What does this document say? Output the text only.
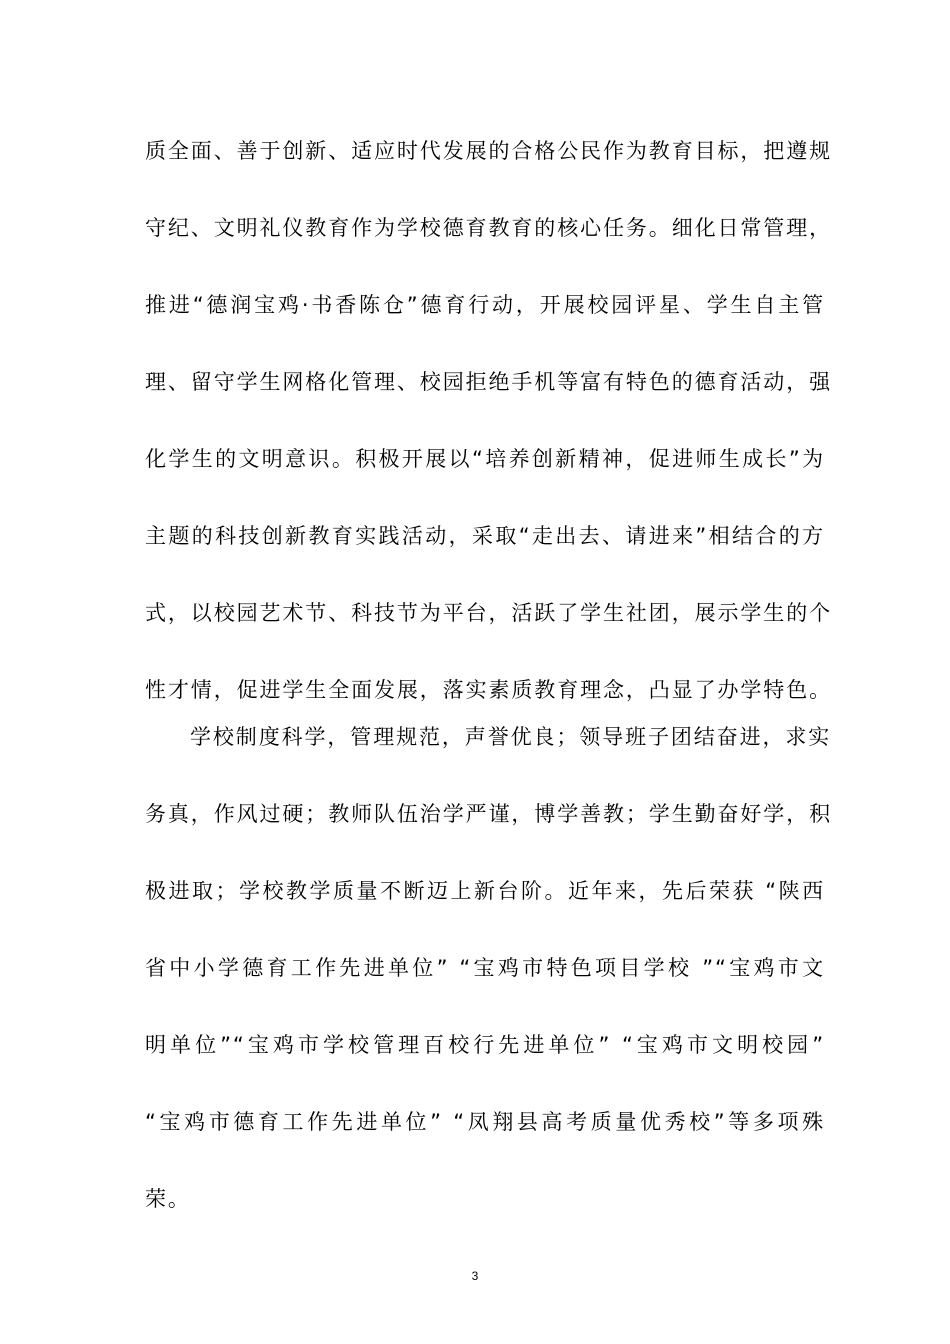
质全面、善于创新、适应时代发展的合格公民作为教育目标，把遵规
守纪、文明礼仪教育作为学校德育教育的核心任务。细化日常管理，
推进“德润宝鸡·书香陈仓”德育行动，开展校园评星、学生自主管
理、留守学生网格化管理、校园拒绝手机等富有特色的德育活动，强
化学生的文明意识。积极开展以“培养创新精神，促进师生成长”为
主题的科技创新教育实践活动，采取“走出去、请进来”相结合的方
式，以校园艺术节、科技节为平台，活跃了学生社团，展示学生的个
性才情，促进学生全面发展，落实素质教育理念，凸显了办学特色。
学校制度科学，管理规范，声誉优良；领导班子团结奋进，求实
务真，作风过硬；教师队伍治学严谨，博学善教；学生勤奋好学，积
极进取；学校教学质量不断迈上新台阶。近年来，先后荣获 “陕西
省中小学德育工作先进单位” “宝鸡市特色项目学校 ”“宝鸡市文
明单位”“宝鸡市学校管理百校行先进单位” “宝鸡市文明校园”
“宝鸡市德育工作先进单位” “凤翔县高考质量优秀校”等多项殊
荣。
3
